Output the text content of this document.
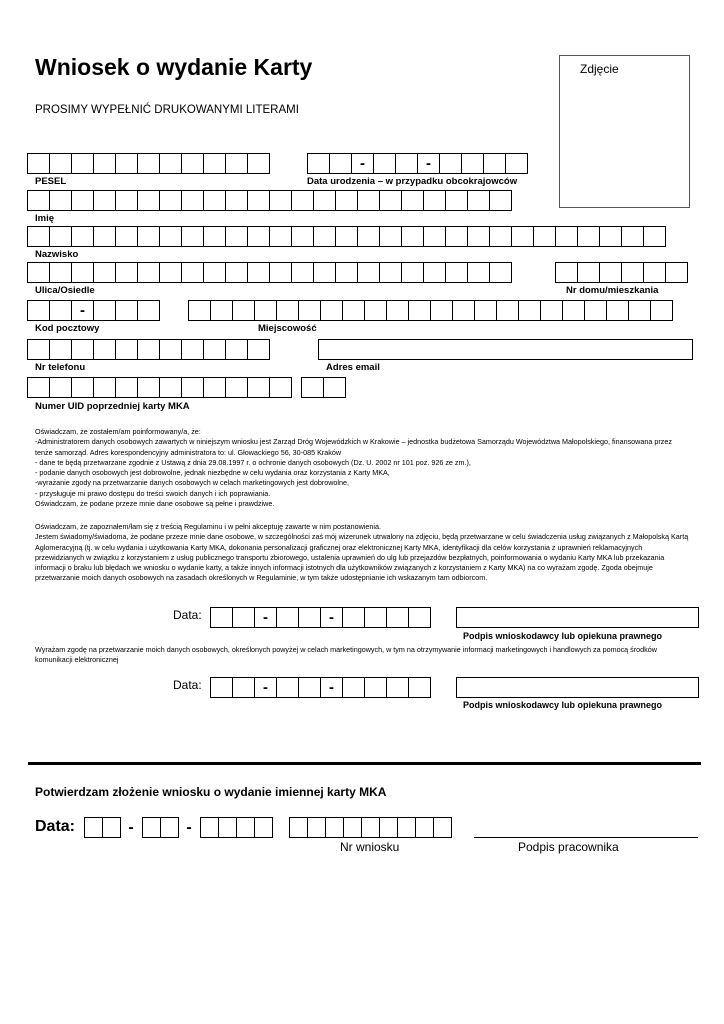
Wniosek o wydanie Karty
PROSIMY WYPEŁNIĆ DRUKOWANYMI LITERAMI
Zdjęcie
-	-
PESEL	Data urodzenia – w przypadku obcokrajowców
Imię
Nazwisko
Ulica/Osiedle	Nr domu/mieszkania
-
Kod pocztowy	Miejscowość
Nr telefonu	Adres email
Numer UID poprzedniej karty MKA

Oświadczam, że zostałem/am poinformowany/a, że:

-Administratorem danych osobowych zawartych w niniejszym wniosku jest Zarząd Dróg Wojewódzkich w Krakowie – jednostka budżetowa Samorządu Województwa Małopolskiego, finansowana przez tenże samorząd. Adres korespondencyjny administratora to: ul. Głowackiego 56, 30-085 Kraków

- dane te będą przetwarzane zgodnie z Ustawą z dnia 29.08.1997 r. o ochronie danych osobowych (Dz. U. 2002 nr 101 poz. 926 ze zm.),

- podanie danych osobowych jest dobrowolne, jednak niezbędne w celu wydania oraz korzystania z Karty MKA,

-wyrażanie zgody na przetwarzanie danych osobowych w celach marketingowych jest dobrowolne,

- przysługuje mi prawo dostępu do treści swoich danych i ich poprawiania.

Oświadczam, że podane przeze mnie dane osobowe są pełne i prawdziwe.

Oświadczam, że zapoznałem/łam się z treścią Regulaminu i w pełni akceptuję zawarte w nim postanowienia.

Jestem świadomy/świadoma, że podane przeze mnie dane osobowe, w szczególności zaś mój wizerunek utrwalony na zdjęciu, będą przetwarzane w celu świadczenia usług związanych z Małopolską Kartą Aglomeracyjną (tj. w celu wydania i użytkowania Karty MKA, dokonania personalizacji graficznej oraz elektronicznej Karty MKA, identyfikacji dla celów korzystania z uprawnień reklamacyjnych przewidzianych w związku z korzystaniem z usług publicznego transportu zbiorowego, ustalenia uprawnień do ulg lub przejazdów bezpłatnych, poinformowania o wydaniu Karty MKA lub przekazania informacji o braku lub błędach we wniosku o wydanie karty, a także innych informacji istotnych dla użytkowników związanych z korzystaniem z Karty MKA) na co wyrażam zgodę. Zgoda obejmuje przetwarzanie moich danych osobowych na zasadach określonych w Regulaminie, w tym także udostępnianie ich wskazanym tam odbiorcom.

Data:	-	-
Podpis wnioskodawcy lub opiekuna prawnego

Wyrażam zgodę na przetwarzanie moich danych osobowych, określonych powyżej w celach marketingowych, w tym na otrzymywanie informacji marketingowych i handlowych za pomocą środków komunikacji elektronicznej

Data:	-	-
Podpis wnioskodawcy lub opiekuna prawnego
Potwierdzam złożenie wniosku o wydanie imiennej karty MKA
Data:	-	-
Nr wniosku	Podpis pracownika
